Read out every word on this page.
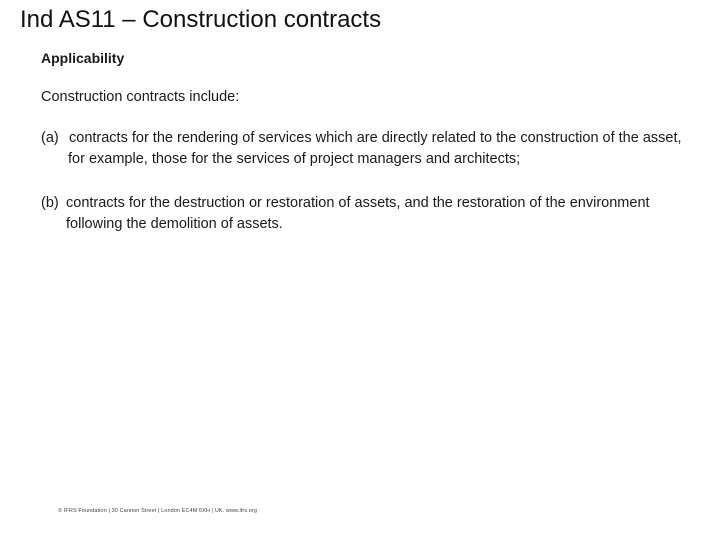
Ind AS11 – Construction contracts
Applicability
Construction contracts include:
(a) contracts for the rendering of services which are directly related to the construction of the asset, for example, those for the services of project managers and architects;
(b) contracts for the destruction or restoration of assets, and the restoration of the environment following the demolition of assets.
© IFRS Foundation | 30 Cannon Street | London EC4M 6XH | UK. www.ifrs.org
